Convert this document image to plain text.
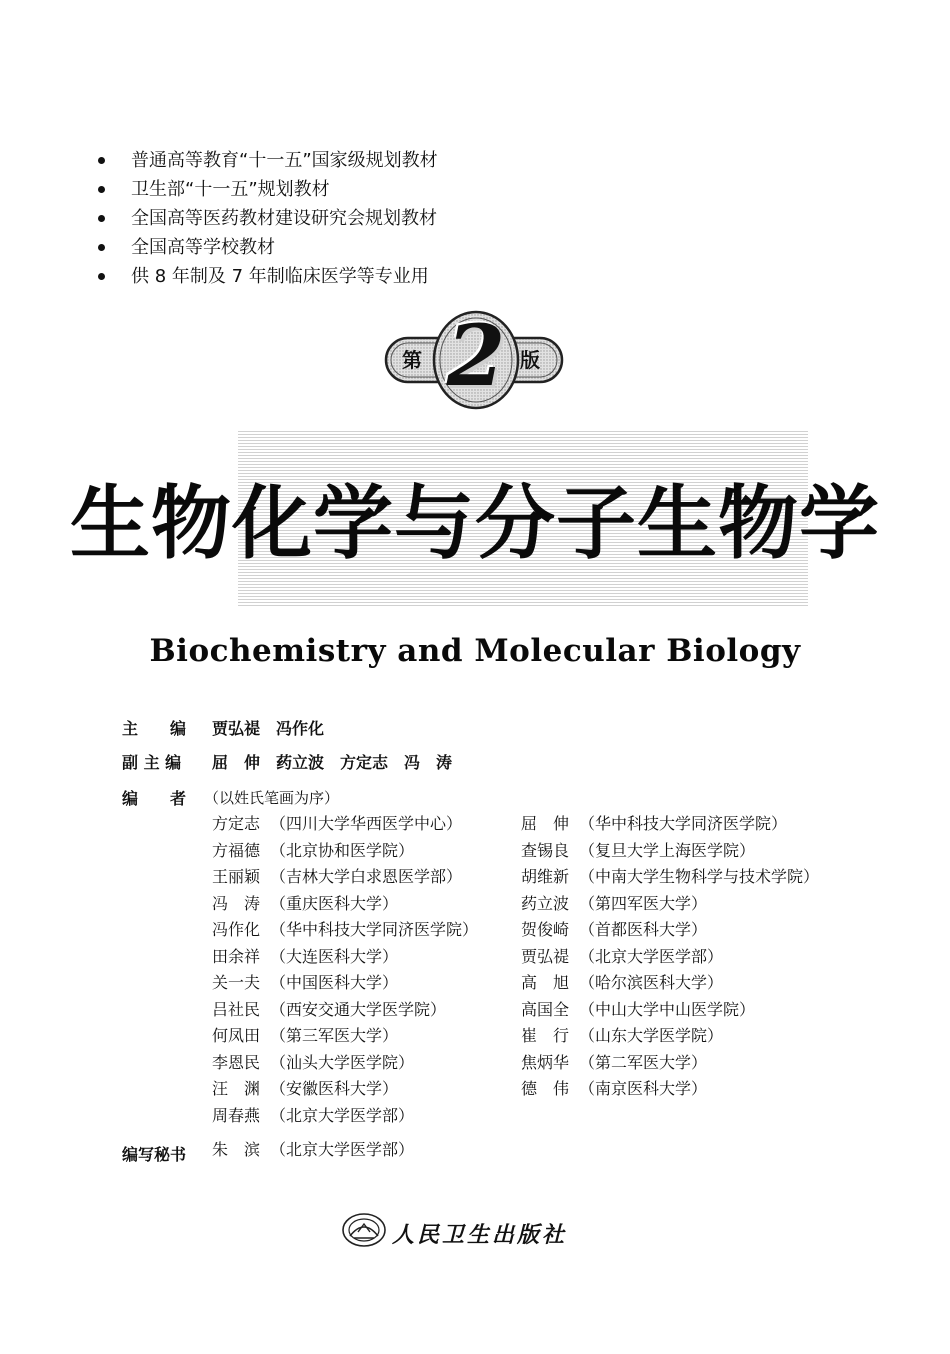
普通高等教育“十一五”国家级规划教材
卫生部“十一五”规划教材
全国高等医药教材建设研究会规划教材
全国高等学校教材
供 8 年制及 7 年制临床医学等专业用
第 2 版
生物化学与分子生物学
Biochemistry and Molecular Biology
主　　编 贾弘禔　冯作化
副 主 编 屈　伸　药立波　方定志　冯　涛
编　　者 （以姓氏笔画为序）
方定志 （四川大学华西医学中心）
方福德 （北京协和医学院）
王丽颖 （吉林大学白求恩医学部）
冯　涛 （重庆医科大学）
冯作化 （华中科技大学同济医学院）
田余祥 （大连医科大学）
关一夫 （中国医科大学）
吕社民 （西安交通大学医学院）
何凤田 （第三军医大学）
李恩民 （汕头大学医学院）
汪　渊 （安徽医科大学）
周春燕 （北京大学医学部）
屈　伸 （华中科技大学同济医学院）
查锡良 （复旦大学上海医学院）
胡维新 （中南大学生物科学与技术学院）
药立波 （第四军医大学）
贺俊崎 （首都医科大学）
贾弘禔 （北京大学医学部）
高　旭 （哈尔滨医科大学）
高国全 （中山大学中山医学院）
崔　行 （山东大学医学院）
焦炳华 （第二军医大学）
德　伟 （南京医科大学）
编写秘书 朱　滨 （北京大学医学部）
人民卫生出版社
